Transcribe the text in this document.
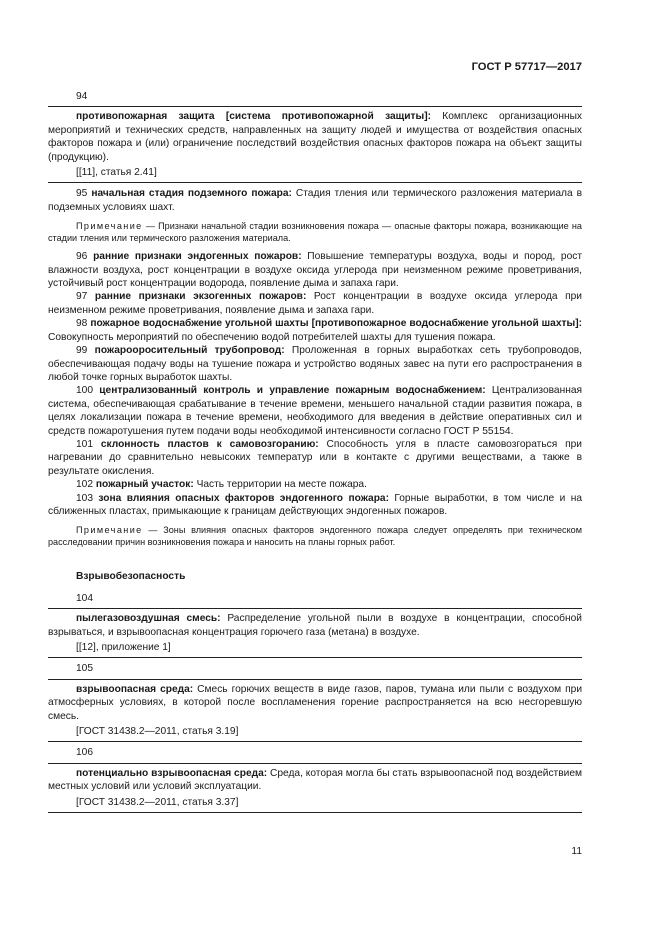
ГОСТ Р 57717—2017
94
противопожарная защита [система противопожарной защиты]: Комплекс организационных мероприятий и технических средств, направленных на защиту людей и имущества от воздействия опасных факторов пожара и (или) ограничение последствий воздействия опасных факторов пожара на объект защиты (продукцию).
[[11], статья 2.41]
95 начальная стадия подземного пожара: Стадия тления или термического разложения материала в подземных условиях шахт.
Примечание — Признаки начальной стадии возникновения пожара — опасные факторы пожара, возникающие на стадии тления или термического разложения материала.
96 ранние признаки эндогенных пожаров: Повышение температуры воздуха, воды и пород, рост влажности воздуха, рост концентрации в воздухе оксида углерода при неизменном режиме проветривания, устойчивый рост концентрации водорода, появление дыма и запаха гари.
97 ранние признаки экзогенных пожаров: Рост концентрации в воздухе оксида углерода при неизменном режиме проветривания, появление дыма и запаха гари.
98 пожарное водоснабжение угольной шахты [противопожарное водоснабжение угольной шахты]: Совокупность мероприятий по обеспечению водой потребителей шахты для тушения пожара.
99 пожарооросительный трубопровод: Проложенная в горных выработках сеть трубопроводов, обеспечивающая подачу воды на тушение пожара и устройство водяных завес на пути его распространения в любой точке горных выработок шахты.
100 централизованный контроль и управление пожарным водоснабжением: Централизованная система, обеспечивающая срабатывание в течение времени, меньшего начальной стадии развития пожара, в целях локализации пожара в течение времени, необходимого для введения в действие оперативных сил и средств пожаротушения путем подачи воды необходимой интенсивности согласно ГОСТ Р 55154.
101 склонность пластов к самовозгоранию: Способность угля в пласте самовозгораться при нагревании до сравнительно невысоких температур или в контакте с другими веществами, а также в результате окисления.
102 пожарный участок: Часть территории на месте пожара.
103 зона влияния опасных факторов эндогенного пожара: Горные выработки, в том числе и на сближенных пластах, примыкающие к границам действующих эндогенных пожаров.
Примечание — Зоны влияния опасных факторов эндогенного пожара следует определять при техническом расследовании причин возникновения пожара и наносить на планы горных работ.
Взрывобезопасность
104
пылегазовоздушная смесь: Распределение угольной пыли в воздухе в концентрации, способной взрываться, и взрывоопасная концентрация горючего газа (метана) в воздухе.
[[12], приложение 1]
105
взрывоопасная среда: Смесь горючих веществ в виде газов, паров, тумана или пыли с воздухом при атмосферных условиях, в которой после воспламенения горение распространяется на всю несгоревшую смесь.
[ГОСТ 31438.2—2011, статья 3.19]
106
потенциально взрывоопасная среда: Среда, которая могла бы стать взрывоопасной под воздействием местных условий или условий эксплуатации.
[ГОСТ 31438.2—2011, статья 3.37]
11
